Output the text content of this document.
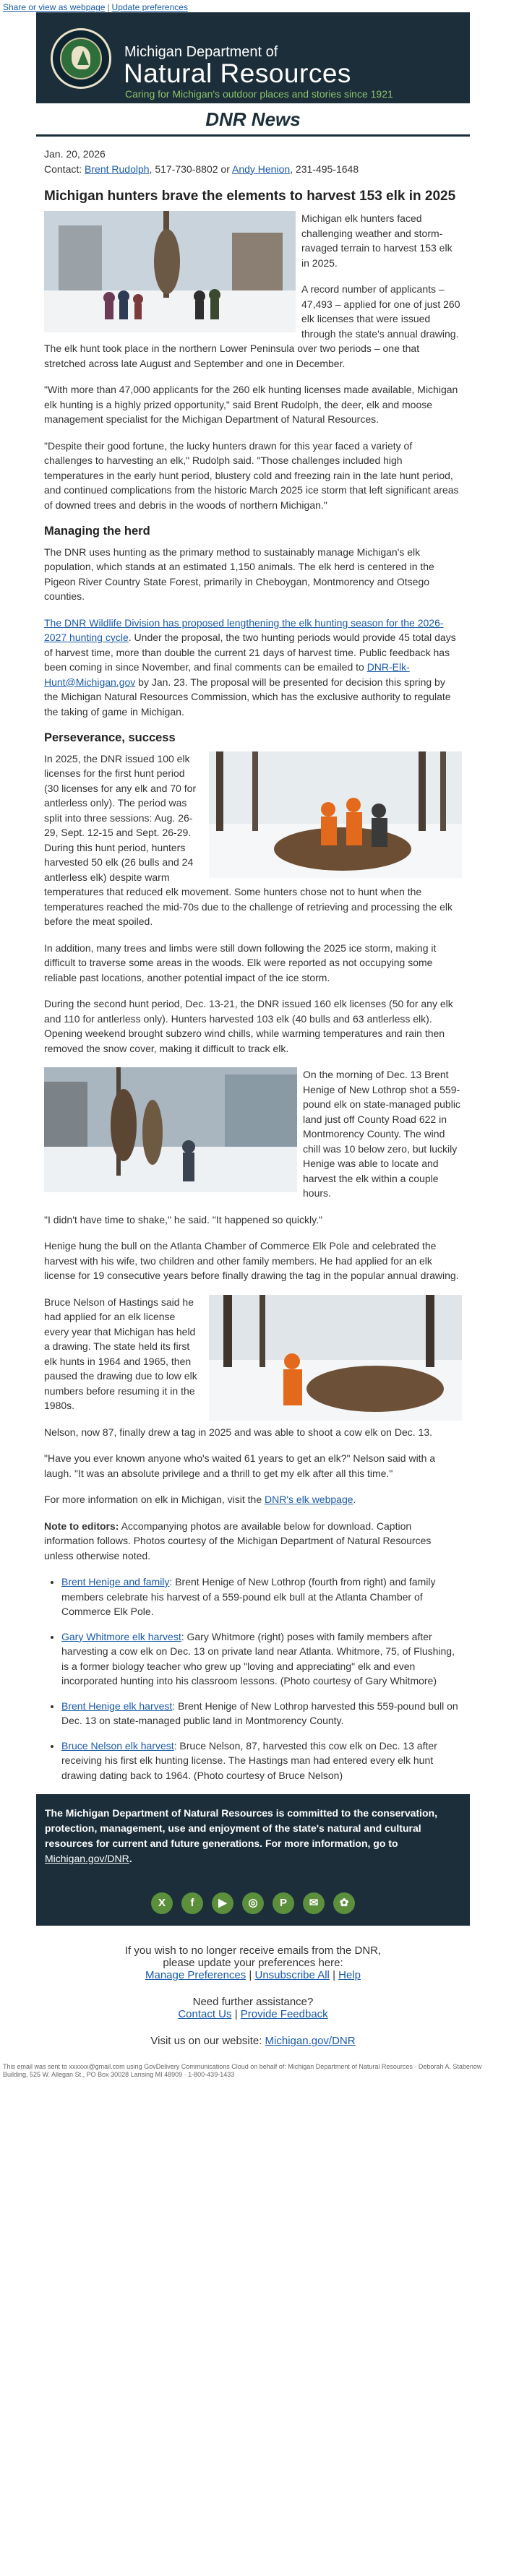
Share or view as webpage | Update preferences
Michigan Department of
Natural Resources
Caring for Michigan's outdoor places and stories since 1921
DNR News

Jan. 20, 2026

Contact: Brent Rudolph, 517-730-8802 or Andy Henion, 231-495-1648

Michigan hunters brave the elements to harvest 153 elk in 2025

Michigan elk hunters faced challenging weather and storm-ravaged terrain to harvest 153 elk in 2025.

A record number of applicants – 47,493 – applied for one of just 260 elk licenses that were issued through the state's annual drawing. The elk hunt took place in the northern Lower Peninsula over two periods – one that stretched across late August and September and one in December.

"With more than 47,000 applicants for the 260 elk hunting licenses made available, Michigan elk hunting is a highly prized opportunity," said Brent Rudolph, the deer, elk and moose management specialist for the Michigan Department of Natural Resources.

"Despite their good fortune, the lucky hunters drawn for this year faced a variety of challenges to harvesting an elk," Rudolph said. "Those challenges included high temperatures in the early hunt period, blustery cold and freezing rain in the late hunt period, and continued complications from the historic March 2025 ice storm that left significant areas of downed trees and debris in the woods of northern Michigan."

Managing the herd

The DNR uses hunting as the primary method to sustainably manage Michigan's elk population, which stands at an estimated 1,150 animals. The elk herd is centered in the Pigeon River Country State Forest, primarily in Cheboygan, Montmorency and Otsego counties.

The DNR Wildlife Division has proposed lengthening the elk hunting season for the 2026-2027 hunting cycle. Under the proposal, the two hunting periods would provide 45 total days of harvest time, more than double the current 21 days of harvest time. Public feedback has been coming in since November, and final comments can be emailed to DNR-Elk-Hunt@Michigan.gov by Jan. 23. The proposal will be presented for decision this spring by the Michigan Natural Resources Commission, which has the exclusive authority to regulate the taking of game in Michigan.

Perseverance, success

In 2025, the DNR issued 100 elk licenses for the first hunt period (30 licenses for any elk and 70 for antlerless only). The period was split into three sessions: Aug. 26-29, Sept. 12-15 and Sept. 26-29. During this hunt period, hunters harvested 50 elk (26 bulls and 24 antlerless elk) despite warm temperatures that reduced elk movement. Some hunters chose not to hunt when the temperatures reached the mid-70s due to the challenge of retrieving and processing the elk before the meat spoiled.

In addition, many trees and limbs were still down following the 2025 ice storm, making it difficult to traverse some areas in the woods. Elk were reported as not occupying some reliable past locations, another potential impact of the ice storm.

During the second hunt period, Dec. 13-21, the DNR issued 160 elk licenses (50 for any elk and 110 for antlerless only). Hunters harvested 103 elk (40 bulls and 63 antlerless elk). Opening weekend brought subzero wind chills, while warming temperatures and rain then removed the snow cover, making it difficult to track elk.

On the morning of Dec. 13 Brent Henige of New Lothrop shot a 559-pound elk on state-managed public land just off County Road 622 in Montmorency County. The wind chill was 10 below zero, but luckily Henige was able to locate and harvest the elk within a couple hours.

"I didn't have time to shake," he said. "It happened so quickly."

Henige hung the bull on the Atlanta Chamber of Commerce Elk Pole and celebrated the harvest with his wife, two children and other family members. He had applied for an elk license for 19 consecutive years before finally drawing the tag in the popular annual drawing.

Bruce Nelson of Hastings said he had applied for an elk license every year that Michigan has held a drawing. The state held its first elk hunts in 1964 and 1965, then paused the drawing due to low elk numbers before resuming it in the 1980s.

Nelson, now 87, finally drew a tag in 2025 and was able to shoot a cow elk on Dec. 13.

"Have you ever known anyone who's waited 61 years to get an elk?" Nelson said with a laugh. "It was an absolute privilege and a thrill to get my elk after all this time."

For more information on elk in Michigan, visit the DNR's elk webpage.

Note to editors: Accompanying photos are available below for download. Caption information follows. Photos courtesy of the Michigan Department of Natural Resources unless otherwise noted.

• Brent Henige and family: Brent Henige of New Lothrop (fourth from right) and family members celebrate his harvest of a 559-pound elk bull at the Atlanta Chamber of Commerce Elk Pole.
• Gary Whitmore elk harvest: Gary Whitmore (right) poses with family members after harvesting a cow elk on Dec. 13 on private land near Atlanta. Whitmore, 75, of Flushing, is a former biology teacher who grew up "loving and appreciating" elk and even incorporated hunting into his classroom lessons. (Photo courtesy of Gary Whitmore)
• Brent Henige elk harvest: Brent Henige of New Lothrop harvested this 559-pound bull on Dec. 13 on state-managed public land in Montmorency County.
• Bruce Nelson elk harvest: Bruce Nelson, 87, harvested this cow elk on Dec. 13 after receiving his first elk hunting license. The Hastings man had entered every elk hunt drawing dating back to 1964. (Photo courtesy of Bruce Nelson)
The Michigan Department of Natural Resources is committed to the conservation, protection, management, use and enjoyment of the state's natural and cultural resources for current and future generations. For more information, go to Michigan.gov/DNR.
X f ▶ ◎ P ✉ ✿
If you wish to no longer receive emails from the DNR,
please update your preferences here:
Manage Preferences | Unsubscribe All | Help
Need further assistance?
Contact Us | Provide Feedback
Visit us on our website: Michigan.gov/DNR
This email was sent to xxxxxx@gmail.com using GovDelivery Communications Cloud on behalf of: Michigan Department of Natural Resources · Deborah A. Stabenow Building, 525 W. Allegan St., PO Box 30028 Lansing MI 48909 · 1-800-439-1433
